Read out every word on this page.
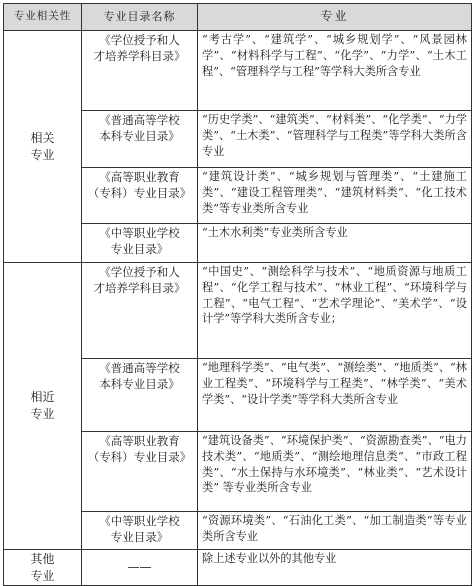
专业相关性	专业目录名称	专业
相关
专业	《学位授予和人
才培养学科目录》	“考古学”、“建筑学”、“城乡规划学”、“风景园林学”、“材料科学与工程”、“化学”、“力学”、“土木工程”、“管理科学与工程”等学科大类所含专业
	《普通高等学校
本科专业目录》	“历史学类”、“建筑类”、“材料类”、“化学类”、“力学类”、“土木类”、“管理科学与工程类”等学科大类所含专业
	《高等职业教育
（专科）专业目录》	“建筑设计类”、“城乡规划与管理类”、“土建施工类”、“建设工程管理类”、“建筑材料类”、“化工技术类”等专业类所含专业
	《中等职业学校
专业目录》	“土木水利类”专业类所含专业
相近
专业	《学位授予和人
才培养学科目录》	“中国史”、“测绘科学与技术”、“地质资源与地质工程”、“化学工程与技术”、“林业工程”、“环境科学与工程”、“电气工程”、“艺术学理论”、“美术学”、“设计学”等学科大类所含专业；
	《普通高等学校
本科专业目录》	“地理科学类”、“电气类”、“测绘类”、“地质类”、“林业工程类”、“环境科学与工程类”、“林学类”、“美术学类”、“设计学类”等学科大类所含专业
	《高等职业教育
（专科）专业目录》	“建筑设备类”、“环境保护类”、“资源勘查类”、“电力技术类”、“地质类”、“测绘地理信息类”、“市政工程类”、“水土保持与水环境类”、“林业类”、“艺术设计类” 等专业类所含专业
	《中等职业学校
专业目录》	“资源环境类”、“石油化工类”、“加工制造类”等专业类所含专业
其他
专业	——	除上述专业以外的其他专业
